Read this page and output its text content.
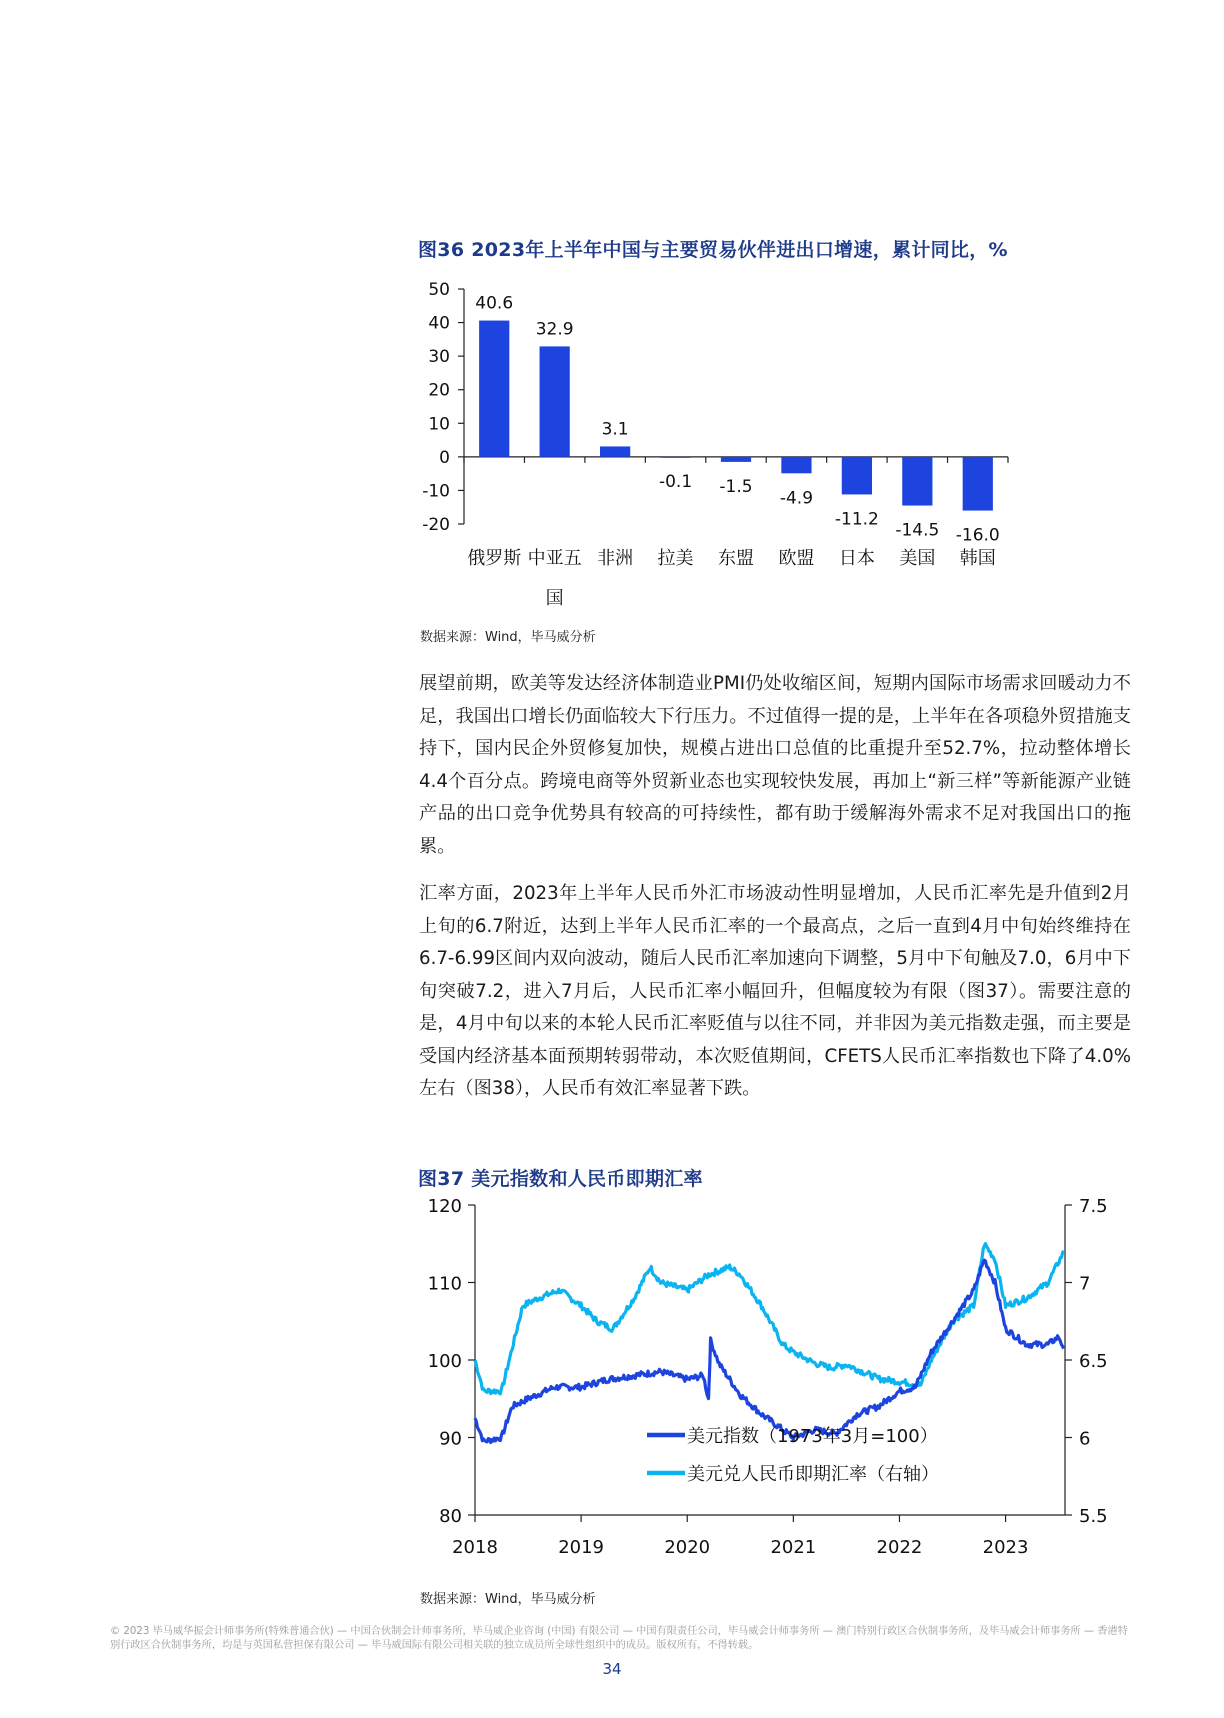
图36 2023年上半年中国与主要贸易伙伴进出口增速，累计同比，%
50
40
30
20
10
0
-10
-20
40.6
俄罗斯
32.9
中亚五
国
3.1
非洲
-0.1
拉美
-1.5
东盟
-4.9
欧盟
-11.2
日本
-14.5
美国
-16.0
韩国
数据来源：Wind，毕马威分析

展望前期，欧美等发达经济体制造业PMI仍处收缩区间，短期内国际市场需求回暖动力不足，我国出口增长仍面临较大下行压力。不过值得一提的是，上半年在各项稳外贸措施支持下，国内民企外贸修复加快，规模占进出口总值的比重提升至52.7%，拉动整体增长4.4个百分点。跨境电商等外贸新业态也实现较快发展，再加上“新三样”等新能源产业链产品的出口竞争优势具有较高的可持续性，都有助于缓解海外需求不足对我国出口的拖累。

汇率方面，2023年上半年人民币外汇市场波动性明显增加，人民币汇率先是升值到2月上旬的6.7附近，达到上半年人民币汇率的一个最高点，之后一直到4月中旬始终维持在6.7-6.99区间内双向波动，随后人民币汇率加速向下调整，5月中下旬触及7.0，6月中下旬突破7.2，进入7月后，人民币汇率小幅回升，但幅度较为有限（图37）。需要注意的是，4月中旬以来的本轮人民币汇率贬值与以往不同，并非因为美元指数走强，而主要是受国内经济基本面预期转弱带动，本次贬值期间，CFETS人民币汇率指数也下降了4.0%左右（图38），人民币有效汇率显著下跌。

图37 美元指数和人民币即期汇率
120
110
100
90
80
7.5
7
6.5
6
5.5
2018	2019	2020	2021	2022	2023
美元指数（1973年3月=100）
美元兑人民币即期汇率（右轴）
数据来源：Wind，毕马威分析
© 2023 毕马威华振会计师事务所(特殊普通合伙) — 中国合伙制会计师事务所，毕马威企业咨询 (中国) 有限公司 — 中国有限责任公司，毕马威会计师事务所 — 澳门特别行政区合伙制事务所，及毕马威会计师事务所 — 香港特别行政区合伙制事务所，均是与英国私营担保有限公司 — 毕马威国际有限公司相关联的独立成员所全球性组织中的成员。版权所有，不得转载。
34
